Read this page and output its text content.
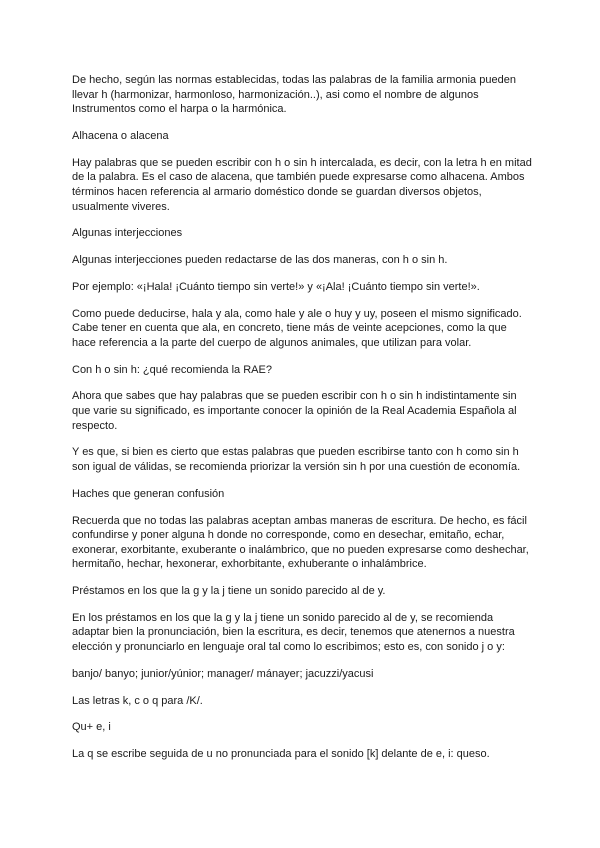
De hecho, según las normas establecidas, todas las palabras de la familia armonia pueden llevar h (harmonizar, harmonloso, harmonización..), asi como el nombre de algunos Instrumentos como el harpa o la harmónica.

Alhacena o alacena

Hay palabras que se pueden escribir con h o sin h intercalada, es decir, con la letra h en mitad de la palabra. Es el caso de alacena, que también puede expresarse como alhacena. Ambos términos hacen referencia al armario doméstico donde se guardan diversos objetos, usualmente viveres.

Algunas interjecciones

Algunas interjecciones pueden redactarse de las dos maneras, con h o sin h.

Por ejemplo: «¡Hala! ¡Cuánto tiempo sin verte!» y «¡Ala! ¡Cuánto tiempo sin verte!».

Como puede deducirse, hala y ala, como hale y ale o huy y uy, poseen el mismo significado. Cabe tener en cuenta que ala, en concreto, tiene más de veinte acepciones, como la que hace referencia a la parte del cuerpo de algunos animales, que utilizan para volar.

Con h o sin h: ¿qué recomienda la RAE?

Ahora que sabes que hay palabras que se pueden escribir con h o sin h indistintamente sin que varie su significado, es importante conocer la opinión de la Real Academia Española al respecto.

Y es que, si bien es cierto que estas palabras que pueden escribirse tanto con h como sin h son igual de válidas, se recomienda priorizar la versión sin h por una cuestión de economía.

Haches que generan confusión

Recuerda que no todas las palabras aceptan ambas maneras de escritura. De hecho, es fácil confundirse y poner alguna h donde no corresponde, como en desechar, emitaño, echar, exonerar, exorbitante, exuberante o inalámbrico, que no pueden expresarse como deshechar, hermitaño, hechar, hexonerar, exhorbitante, exhuberante o inhalámbrice.

Préstamos en los que la g y la j tiene un sonido parecido al de y.

En los préstamos en los que la g y la j tiene un sonido parecido al de y, se recomienda adaptar bien la pronunciación, bien la escritura, es decir, tenemos que atenernos a nuestra elección y pronunciarlo en lenguaje oral tal como lo escribimos; esto es, con sonido j o y:

banjo/ banyo; junior/yúnior; manager/ mánayer; jacuzzi/yacusi

Las letras k, c o q para /K/.

Qu+ e, i

La q se escribe seguida de u no pronunciada para el sonido [k] delante de e, i: queso.
